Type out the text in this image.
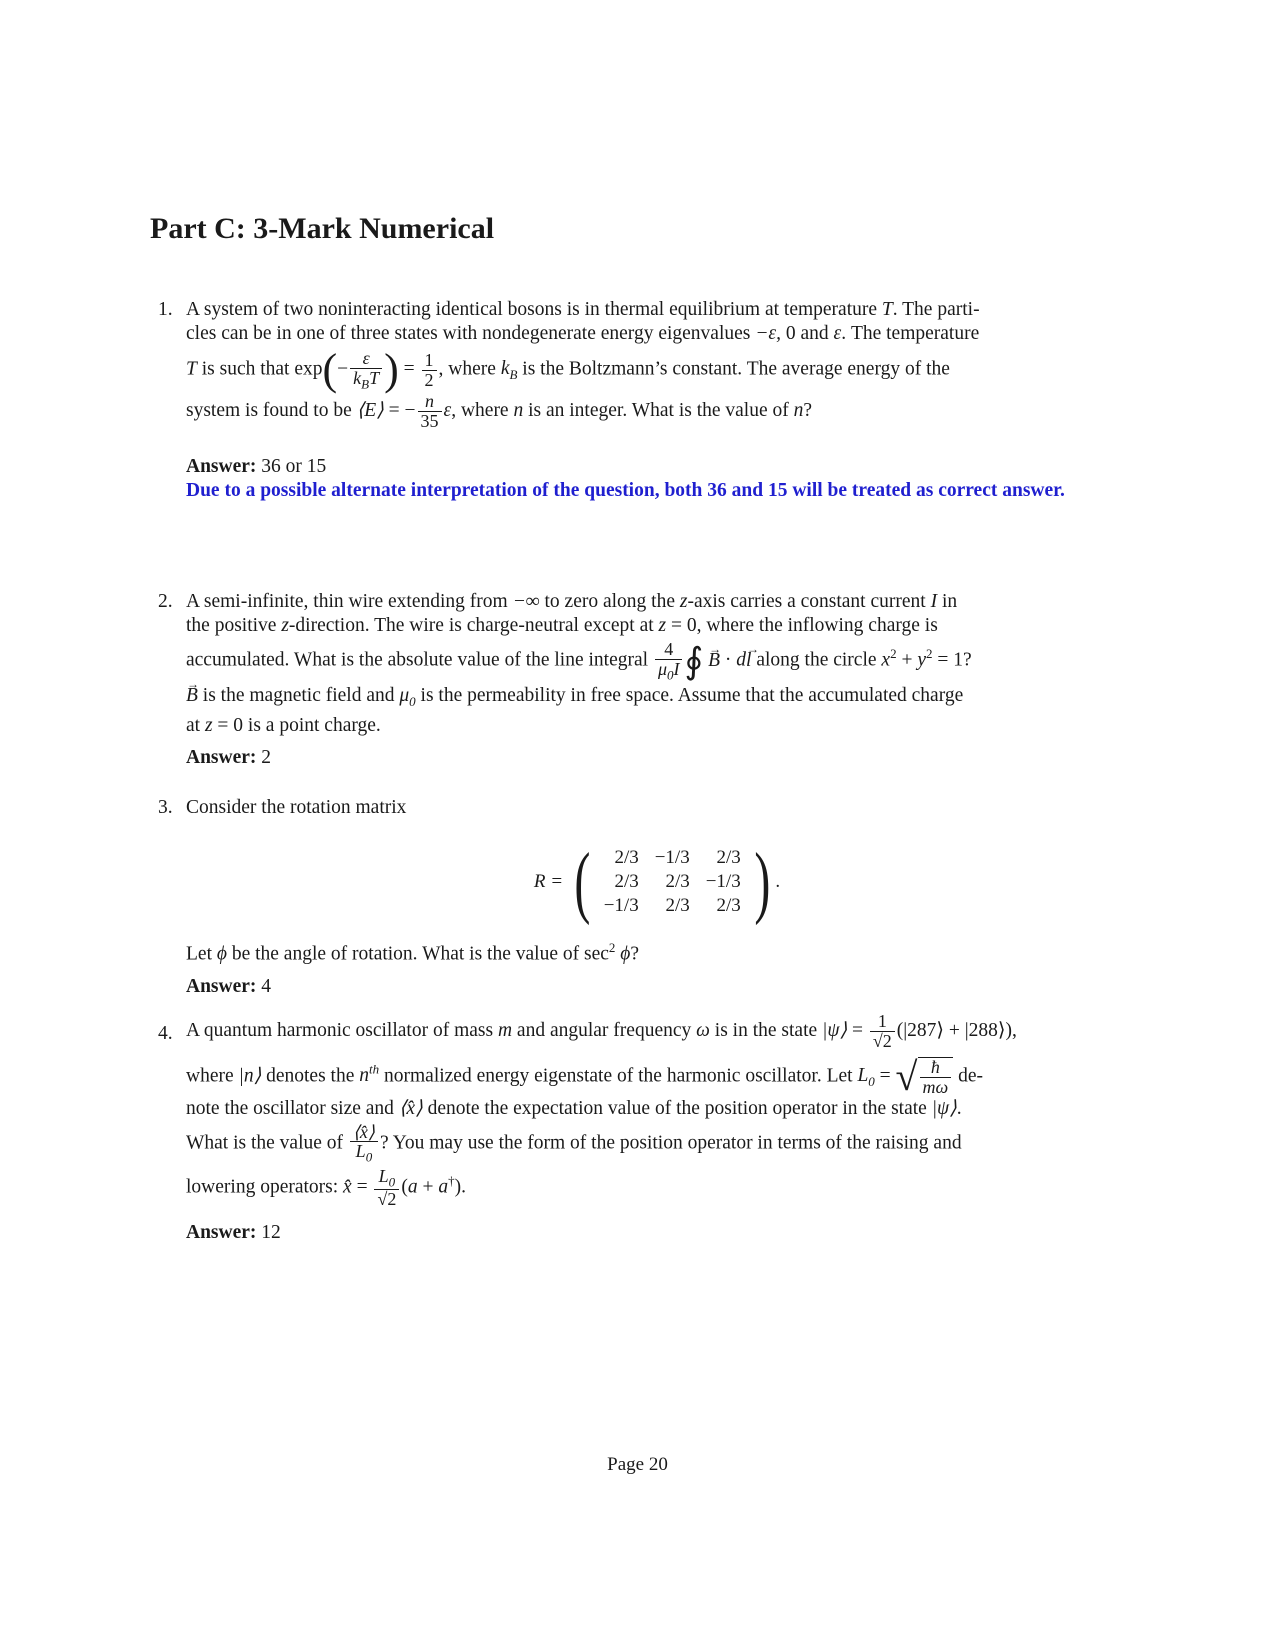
Part C: 3-Mark Numerical
1. A system of two noninteracting identical bosons is in thermal equilibrium at temperature T. The parti-

cles can be in one of three states with nondegenerate energy eigenvalues −ε, 0 and ε. The temperature

T is such that $\exp(- \frac{\varepsilon}{k_BT}$ ) = $\frac{1}{2}$ , where $k_B$ is the Boltzmann’s constant. The average energy of the

system is found to be ⟨E⟩ = − $\frac{n}{35} \varepsilon$, where n is an integer. What is the value of n?

Answer: 36 or 15

Due to a possible alternate interpretation of the question, both 36 and 15 will be treated as correct answer.

2. A semi-infinite, thin wire extending from −∞ to zero along the z-axis carries a constant current I in

the positive z-direction. The wire is charge-neutral except at z = 0, where the inflowing charge is

accumulated. What is the absolute value of the line integral $\frac{4}{\mu_0I}$ ∮ → B · d→ l along the circle $x^2 + y^2 = 1$?

→ B is the magnetic field and $\mu_0$ is the permeability in free space. Assume that the accumulated charge

at z = 0 is a point charge.

Answer: 2

3. Consider the rotation matrix

R = ( 2/3	−1/3	2/3
2/3	2/3	−1/3
−1/3	2/3	2/3 ) .

Let ϕ be the angle of rotation. What is the value of $\sec^2 \phi$?

Answer: 4

4. A quantum harmonic oscillator of mass m and angular frequency ω is in the state |ψ⟩ = $\frac{1}{√2}$ (|287⟩ + |288⟩),

where |n⟩ denotes the $n^{th}$ normalized energy eigenstate of the harmonic oscillator. Let $L_0$ = √ $\frac{ħ}{m\omega} de-$

note the oscillator size and ⟨x̂⟩ denote the expectation value of the position operator in the state |ψ⟩.

What is the value of $\frac{⟨x̂⟩}{L_0}$ ? You may use the form of the position operator in terms of the raising and

lowering operators: x̂ = $\frac{L_0}{√2} (a + a^\dagger)$.

Answer: 12

Page 20
